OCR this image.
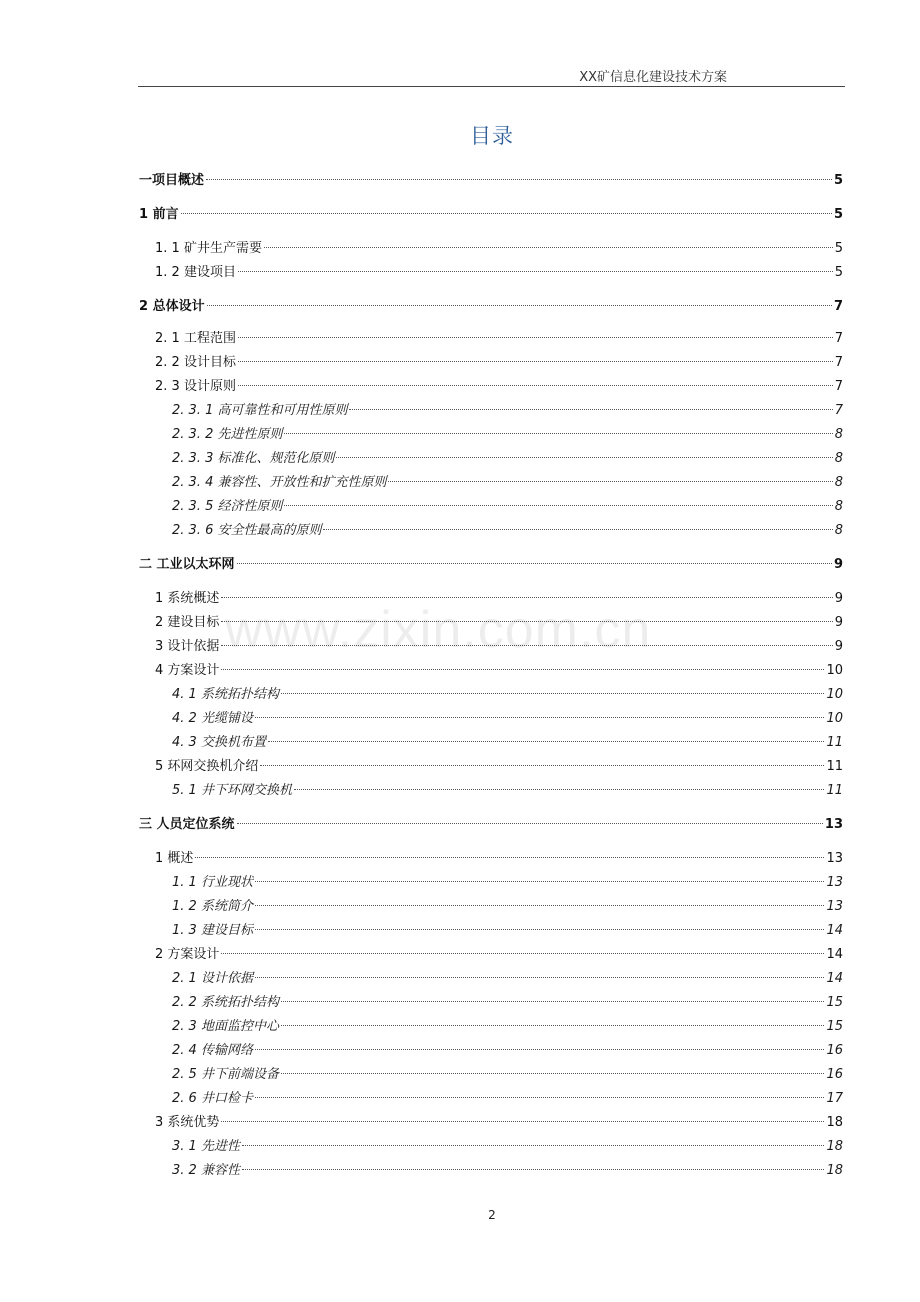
XX矿信息化建设技术方案
目录
www.zixin.com.cn
一项目概述	5
1 前言	5
1. 1 矿井生产需要	5
1. 2 建设项目	5
2 总体设计	7
2. 1 工程范围	7
2. 2 设计目标	7
2. 3 设计原则	7
2. 3. 1 高可靠性和可用性原则	7
2. 3. 2 先进性原则	8
2. 3. 3 标准化、规范化原则	8
2. 3. 4 兼容性、开放性和扩充性原则	8
2. 3. 5 经济性原则	8
2. 3. 6 安全性最高的原则	8
二 工业以太环网	9
1 系统概述	9
2 建设目标	9
3 设计依据	9
4 方案设计	10
4. 1 系统拓扑结构	10
4. 2 光缆铺设	10
4. 3 交换机布置	11
5 环网交换机介绍	11
5. 1 井下环网交换机	11
三 人员定位系统	13
1 概述	13
1. 1 行业现状	13
1. 2 系统简介	13
1. 3 建设目标	14
2 方案设计	14
2. 1 设计依据	14
2. 2 系统拓扑结构	15
2. 3 地面监控中心	15
2. 4 传输网络	16
2. 5 井下前端设备	16
2. 6 井口检卡	17
3 系统优势	18
3. 1 先进性	18
3. 2 兼容性	18
2
